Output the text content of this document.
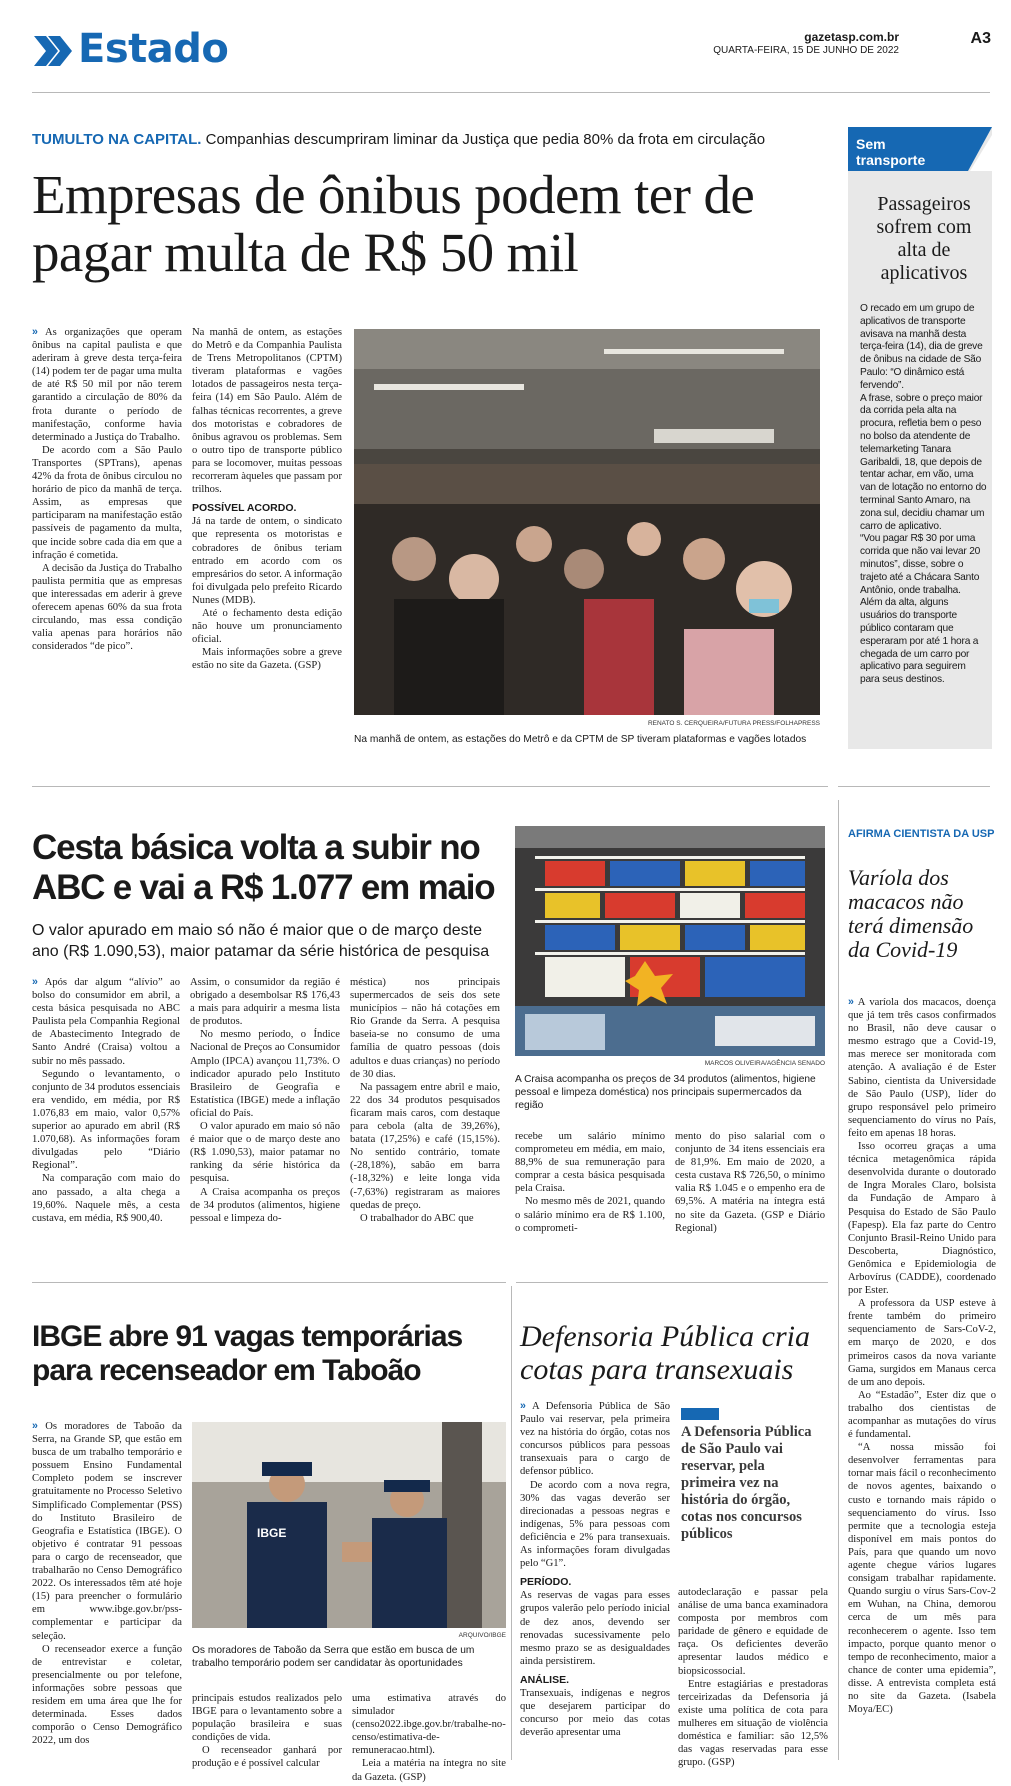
Estado	gazetasp.com.br
QUARTA-FEIRA, 15 DE JUNHO DE 2022
A3
TUMULTO NA CAPITAL. Companhias descumpriram liminar da Justiça que pedia 80% da frota em circulação
Empresas de ônibus podem ter de pagar multa de R$ 50 mil

» As organizações que operam ônibus na capital paulista e que aderiram à greve desta terça-feira (14) podem ter de pagar uma multa de até R$ 50 mil por não terem garantido a circulação de 80% da frota durante o período de manifestação, conforme havia determinado a Justiça do Trabalho.

De acordo com a São Paulo Transportes (SPTrans), apenas 42% da frota de ônibus circulou no horário de pico da manhã de terça. Assim, as empresas que participaram na manifestação estão passíveis de pagamento da multa, que incide sobre cada dia em que a infração é cometida.

A decisão da Justiça do Trabalho paulista permitia que as empresas que interessadas em aderir à greve oferecem apenas 60% da sua frota circulando, mas essa condição valia apenas para horários não considerados “de pico”.

Na manhã de ontem, as estações do Metrô e da Companhia Paulista de Trens Metropolitanos (CPTM) tiveram plataformas e vagões lotados de passageiros nesta terça-feira (14) em São Paulo. Além de falhas técnicas recorrentes, a greve dos motoristas e cobradores de ônibus agravou os problemas. Sem o outro tipo de transporte público para se locomover, muitas pessoas recorreram àqueles que passam por trilhos.

POSSÍVEL ACORDO.

Já na tarde de ontem, o sindicato que representa os motoristas e cobradores de ônibus teriam entrado em acordo com os empresários do setor. A informação foi divulgada pelo prefeito Ricardo Nunes (MDB).

Até o fechamento desta edição não houve um pronunciamento oficial.

Mais informações sobre a greve estão no site da Gazeta. (GSP)

RENATO S. CERQUEIRA/FUTURA PRESS/FOLHAPRESS
Na manhã de ontem, as estações do Metrô e da CPTM de SP tiveram plataformas e vagões lotados
Sem transporte
Passageiros sofrem com alta de aplicativos
O recado em um grupo de aplicativos de transporte avisava na manhã desta terça-feira (14), dia de greve de ônibus na cidade de São Paulo: “O dinâmico está fervendo”.
A frase, sobre o preço maior da corrida pela alta na procura, refletia bem o peso no bolso da atendente de telemarketing Tanara Garibaldi, 18, que depois de tentar achar, em vão, uma van de lotação no entorno do terminal Santo Amaro, na zona sul, decidiu chamar um carro de aplicativo.
“Vou pagar R$ 30 por uma corrida que não vai levar 20 minutos”, disse, sobre o trajeto até a Chácara Santo Antônio, onde trabalha.
Além da alta, alguns usuários do transporte público contaram que esperaram por até 1 hora a chegada de um carro por aplicativo para seguirem para seus destinos.
Cesta básica volta a subir no ABC e vai a R$ 1.077 em maio
O valor apurado em maio só não é maior que o de março deste ano (R$ 1.090,53), maior patamar da série histórica de pesquisa

» Após dar algum “alívio” ao bolso do consumidor em abril, a cesta básica pesquisada no ABC Paulista pela Companhia Regional de Abastecimento Integrado de Santo André (Craisa) voltou a subir no mês passado.

Segundo o levantamento, o conjunto de 34 produtos essenciais era vendido, em média, por R$ 1.076,83 em maio, valor 0,57% superior ao apurado em abril (R$ 1.070,68). As informações foram divulgadas pelo “Diário Regional”.

Na comparação com maio do ano passado, a alta chega a 19,60%. Naquele mês, a cesta custava, em média, R$ 900,40.

Assim, o consumidor da região é obrigado a desembolsar R$ 176,43 a mais para adquirir a mesma lista de produtos.

No mesmo período, o Índice Nacional de Preços ao Consumidor Amplo (IPCA) avançou 11,73%. O indicador apurado pelo Instituto Brasileiro de Geografia e Estatística (IBGE) mede a inflação oficial do País.

O valor apurado em maio só não é maior que o de março deste ano (R$ 1.090,53), maior patamar no ranking da série histórica da pesquisa.

A Craisa acompanha os preços de 34 produtos (alimentos, higiene pessoal e limpeza do-

méstica) nos principais supermercados de seis dos sete municípios – não há cotações em Rio Grande da Serra. A pesquisa baseia-se no consumo de uma família de quatro pessoas (dois adultos e duas crianças) no período de 30 dias.

Na passagem entre abril e maio, 22 dos 34 produtos pesquisados ficaram mais caros, com destaque para cebola (alta de 39,26%), batata (17,25%) e café (15,15%). No sentido contrário, tomate (-28,18%), sabão em barra (-18,32%) e leite longa vida (-7,63%) registraram as maiores quedas de preço.

O trabalhador do ABC que

MARCOS OLIVEIRA/AGÊNCIA SENADO
A Craisa acompanha os preços de 34 produtos (alimentos, higiene pessoal e limpeza doméstica) nos principais supermercados da região

recebe um salário mínimo comprometeu em média, em maio, 88,9% de sua remuneração para comprar a cesta básica pesquisada pela Craisa.

No mesmo mês de 2021, quando o salário mínimo era de R$ 1.100, o comprometi-

mento do piso salarial com o conjunto de 34 itens essenciais era de 81,9%. Em maio de 2020, a cesta custava R$ 726,50, o mínimo valia R$ 1.045 e o empenho era de 69,5%. A matéria na íntegra está no site da Gazeta. (GSP e Diário Regional)

AFIRMA CIENTISTA DA USP
Varíola dos macacos não terá dimensão da Covid-19

» A varíola dos macacos, doença que já tem três casos confirmados no Brasil, não deve causar o mesmo estrago que a Covid-19, mas merece ser monitorada com atenção. A avaliação é de Ester Sabino, cientista da Universidade de São Paulo (USP), líder do grupo responsável pelo primeiro sequenciamento do vírus no País, feito em apenas 18 horas.

Isso ocorreu graças a uma técnica metagenômica rápida desenvolvida durante o doutorado de Ingra Morales Claro, bolsista da Fundação de Amparo à Pesquisa do Estado de São Paulo (Fapesp). Ela faz parte do Centro Conjunto Brasil-Reino Unido para Descoberta, Diagnóstico, Genômica e Epidemiologia de Arbovírus (CADDE), coordenado por Ester.

A professora da USP esteve à frente também do primeiro sequenciamento de Sars-CoV-2, em março de 2020, e dos primeiros casos da nova variante Gama, surgidos em Manaus cerca de um ano depois.

Ao “Estadão”, Ester diz que o trabalho dos cientistas de acompanhar as mutações do vírus é fundamental.

“A nossa missão foi desenvolver ferramentas para tornar mais fácil o reconhecimento de novos agentes, baixando o custo e tornando mais rápido o sequenciamento do vírus. Isso permite que a tecnologia esteja disponível em mais pontos do País, para que quando um novo agente chegue vários lugares consigam trabalhar rapidamente. Quando surgiu o vírus Sars-Cov-2 em Wuhan, na China, demorou cerca de um mês para reconhecerem o agente. Isso tem impacto, porque quanto menor o tempo de reconhecimento, maior a chance de conter uma epidemia”, disse. A entrevista completa está no site da Gazeta. (Isabela Moya/EC)

IBGE abre 91 vagas temporárias para recenseador em Taboão

» Os moradores de Taboão da Serra, na Grande SP, que estão em busca de um trabalho temporário e possuem Ensino Fundamental Completo podem se inscrever gratuitamente no Processo Seletivo Simplificado Complementar (PSS) do Instituto Brasileiro de Geografia e Estatística (IBGE). O objetivo é contratar 91 pessoas para o cargo de recenseador, que trabalharão no Censo Demográfico 2022. Os interessados têm até hoje (15) para preencher o formulário em www.ibge.gov.br/pss-complementar e participar da seleção.

O recenseador exerce a função de entrevistar e coletar, presencialmente ou por telefone, informações sobre pessoas que residem em uma área que lhe for determinada. Esses dados comporão o Censo Demográfico 2022, um dos

IBGE
ARQUIVO/IBGE
Os moradores de Taboão da Serra que estão em busca de um trabalho temporário podem ser candidatar às oportunidades

principais estudos realizados pelo IBGE para o levantamento sobre a população brasileira e suas condições de vida.

O recenseador ganhará por produção e é possível calcular

uma estimativa através do simulador (censo2022.ibge.gov.br/trabalhe-no-censo/estimativa-de-remuneracao.html).

Leia a matéria na íntegra no site da Gazeta. (GSP)

Defensoria Pública cria cotas para transexuais

» A Defensoria Pública de São Paulo vai reservar, pela primeira vez na história do órgão, cotas nos concursos públicos para pessoas transexuais para o cargo de defensor público.

De acordo com a nova regra, 30% das vagas deverão ser direcionadas a pessoas negras e indígenas, 5% para pessoas com deficiência e 2% para transexuais. As informações foram divulgadas pelo “G1”.

PERÍODO.

As reservas de vagas para esses grupos valerão pelo período inicial de dez anos, devendo ser renovadas sucessivamente pelo mesmo prazo se as desigualdades ainda persistirem.

ANÁLISE.

Transexuais, indígenas e negros que desejarem participar do concurso por meio das cotas deverão apresentar uma

A Defensoria Pública de São Paulo vai reservar, pela primeira vez na história do órgão, cotas nos concursos públicos

autodeclaração e passar pela análise de uma banca examinadora composta por membros com paridade de gênero e equidade de raça. Os deficientes deverão apresentar laudos médico e biopsicossocial.

Entre estagiárias e prestadoras terceirizadas da Defensoria já existe uma política de cota para mulheres em situação de violência doméstica e familiar: são 12,5% das vagas reservadas para esse grupo. (GSP)
